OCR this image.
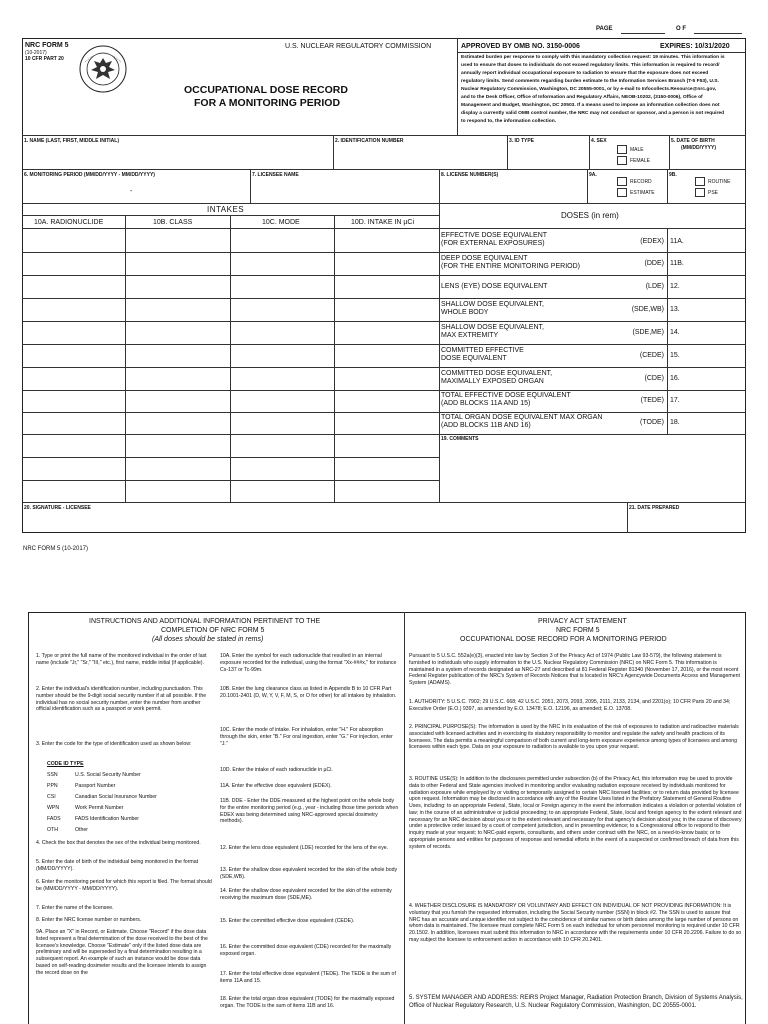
PAGE	O F
NRC FORM 5
(10-2017)
10 CFR PART 20
U.S. NUCLEAR REGULATORY COMMISSION
OCCUPATIONAL DOSE RECORD
FOR A MONITORING PERIOD
APPROVED BY OMB NO. 3150-0006	EXPIRES: 10/31/2020
Estimated burden per response to comply with this mandatory collection request: 19 minutes. This information is
used to ensure that doses to individuals do not exceed regulatory limits. This information is required to record/
annually report individual occupational exposure to radiation to ensure that the exposure does not exceed
regulatory limits. Send comments regarding burden estimate to the Information Services Branch (T-5 F53), U.S.
Nuclear Regulatory Commission, Washington, DC 20555-0001, or by e-mail to Infocollects.Resource@nrc.gov,
and to the Desk Officer, Office of Information and Regulatory Affairs, NEOB-10202, (3150-0006), Office of
Management and Budget, Washington, DC 20503. If a means used to impose an information collection does not
display a currently valid OMB control number, the NRC may not conduct or sponsor, and a person is not required
to respond to, the information collection.
1. NAME (LAST, FIRST, MIDDLE INITIAL)	2. IDENTIFICATION NUMBER	3. ID TYPE	4. SEX
MALE
FEMALE
5. DATE OF BIRTH
(MM/DD/YYYY)
6. MONITORING PERIOD (MM/DD/YYYY - MM/DD/YYYY)
-
7. LICENSEE NAME	8. LICENSE NUMBER(S)	9A.
RECORD
ESTIMATE
9B.
ROUTINE
PSE
INTAKES
10A. RADIONUCLIDE	10B. CLASS	10C. MODE	10D. INTAKE IN µCi
DOSES (in rem)
EFFECTIVE DOSE EQUIVALENT
(FOR EXTERNAL EXPOSURES)	(EDEX) 11A.
DEEP DOSE EQUIVALENT
(FOR THE ENTIRE MONITORING PERIOD)	(DDE) 11B.
LENS (EYE) DOSE EQUIVALENT	(LDE) 12.
SHALLOW DOSE EQUIVALENT,
WHOLE BODY	(SDE,WB) 13.
SHALLOW DOSE EQUIVALENT,
MAX EXTREMITY	(SDE,ME) 14.
COMMITTED EFFECTIVE
DOSE EQUIVALENT	(CEDE) 15.
COMMITTED DOSE EQUIVALENT,
MAXIMALLY EXPOSED ORGAN	(CDE) 16.
TOTAL EFFECTIVE DOSE EQUIVALENT
(ADD BLOCKS 11A AND 15)	(TEDE) 17.
TOTAL ORGAN DOSE EQUIVALENT MAX ORGAN
(ADD BLOCKS 11B AND 16)	(TODE) 18.
19. COMMENTS
20. SIGNATURE - LICENSEE	21. DATE PREPARED
NRC FORM 5 (10-2017)
INSTRUCTIONS AND ADDITIONAL INFORMATION PERTINENT TO THE
COMPLETION OF NRC FORM 5
(All doses should be stated in rems)
1. Type or print the full name of the monitored individual in the order of last name (include "Jr," "Sr," "III," etc.), first name, middle initial (if applicable).
2. Enter the individual's identification number, including punctuation. This number should be the 9-digit social security number if at all possible. If the individual has no social security number, enter the number from another official identification such as a passport or work permit.
3. Enter the code for the type of identification used as shown below:
CODE ID TYPE
SSN	U.S. Social Security Number
PPN	Passport Number
CSI	Canadian Social Insurance Number
WPN	Work Permit Number
FADS	FADS Identification Number
OTH	Other
4. Check the box that denotes the sex of the individual being monitored.
5. Enter the date of birth of the individual being monitored in the format (MM/DD/YYYY).
6. Enter the monitoring period for which this report is filed. The format should be (MM/DD/YYYY - MM/DD/YYYY).
7. Enter the name of the licensee.
8. Enter the NRC license number or numbers.
9A. Place an "X" in Record, or Estimate. Choose "Record" if the dose data listed represent a final determination of the dose received to the best of the licensee's knowledge. Choose "Estimate" only if the listed dose data are preliminary and will be superseded by a final determination resulting in a subsequent report. An example of such an instance would be dose data based on self-reading dosimeter results and the licensee intends to assign the record dose on the
10A. Enter the symbol for each radionuclide that resulted in an internal exposure recorded for the individual, using the format "Xx-###x," for instance Cs-137 or Tc-99m.
10B. Enter the lung clearance class as listed in Appendix B to 10 CFR Part 20.1001-2401 (D, W, Y, V, F, M, S, or O for other) for all intakes by inhalation.
10C. Enter the mode of intake. For inhalation, enter "H." For absorption through the skin, enter "B." For oral ingestion, enter "G." For injection, enter "J."
10D. Enter the intake of each radionuclide in µCi.
11A. Enter the effective dose equivalent (EDEX).
11B. DDE - Enter the DDE measured at the highest point on the whole body for the entire monitoring period (e.g., year - including those time periods when EDEX was being determined using NRC-approved special dosimetry methods).
12. Enter the lens dose equivalent (LDE) recorded for the lens of the eye.
13. Enter the shallow dose equivalent recorded for the skin of the whole body (SDE,WB).
14. Enter the shallow dose equivalent recorded for the skin of the extremity receiving the maximum dose (SDE,ME).
15. Enter the committed effective dose equivalent (CEDE).
16. Enter the committed dose equivalent (CDE) recorded for the maximally exposed organ.
17. Enter the total effective dose equivalent (TEDE). The TEDE is the sum of items 11A and 15.
18. Enter the total organ dose equivalent (TODE) for the maximally exposed organ. The TODE is the sum of items 11B and 16.
PRIVACY ACT STATEMENT
NRC FORM 5
OCCUPATIONAL DOSE RECORD FOR A MONITORING PERIOD
Pursuant to 5 U.S.C. 552a(e)(3), enacted into law by Section 3 of the Privacy Act of 1974 (Public Law 93-579), the following statement is furnished to individuals who supply information to the U.S. Nuclear Regulatory Commission (NRC) on NRC Form 5. This information is maintained in a system of records designated as NRC-27 and described at 81 Federal Register 81340 (November 17, 2016), or the most recent Federal Register publication of the NRC's System of Records Notices that is located in NRC's Agencywide Documents Access and Management System (ADAMS).
1. AUTHORITY: 5 U.S.C. 7902; 29 U.S.C. 668; 42 U.S.C. 2051, 2073, 2093, 2095, 2111, 2133, 2134, and 2201(o); 10 CFR Parts 20 and 34; Executive Order (E.O.) 9397, as amended by E.O. 13478; E.O. 12196, as amended; E.O. 13708.
2. PRINCIPAL PURPOSE(S): The information is used by the NRC in its evaluation of the risk of exposures to radiation and radioactive materials associated with licensed activities and in exercising its statutory responsibility to monitor and regulate the safety and health practices of its licensees. The data permits a meaningful comparison of both current and long-term exposure experience among types of licensees and among licensees within each type. Data on your exposure to radiation is available to you upon your request.
3. ROUTINE USE(S): In addition to the disclosures permitted under subsection (b) of the Privacy Act, this information may be used to provide data to other Federal and State agencies involved in monitoring and/or evaluating radiation exposure received by individuals monitored for radiation exposure while employed by or visiting or temporarily assigned to certain NRC licensed facilities; or to return data provided by licensee upon request. Information may be disclosed in accordance with any of the Routine Uses listed in the Prefatory Statement of General Routine Uses, including: to an appropriate Federal, State, local or Foreign agency in the event the information indicates a violation or potential violation of law; in the course of an administrative or judicial proceeding; to an appropriate Federal, State, local and foreign agency to the extent relevant and necessary for an NRC decision about you or to the extent relevant and necessary for that agency's decision about you; in the course of discovery under a protective order issued by a court of competent jurisdiction, and in presenting evidence; to a Congressional office to respond to their inquiry made at your request; to NRC-paid experts, consultants, and others under contract with the NRC, on a need-to-know basis; or to appropriate persons and entities for purposes of response and remedial efforts in the event of a suspected or confirmed breach of data from this system of records.
4. WHETHER DISCLOSURE IS MANDATORY OR VOLUNTARY AND EFFECT ON INDIVIDUAL OF NOT PROVIDING INFORMATION: It is voluntary that you furnish the requested information, including the Social Security number (SSN) in block #2. The SSN is used to assure that NRC has an accurate and unique identifier not subject to the coincidence of similar names or birth dates among the large number of persons on whom data is maintained. The licensee must complete NRC Form 5 on each individual for whom personnel monitoring is required under 10 CFR 20.1502. In addition, licensees must submit this information to NRC in accordance with the requirements under 10 CFR 20.2206. Failure to do so may subject the licensee to enforcement action in accordance with 10 CFR 20.2401.
5. SYSTEM MANAGER AND ADDRESS: REIRS Project Manager, Radiation Protection Branch, Division of Systems Analysis, Office of Nuclear Regulatory Research, U.S. Nuclear Regulatory Commission, Washington, DC 20555-0001.
